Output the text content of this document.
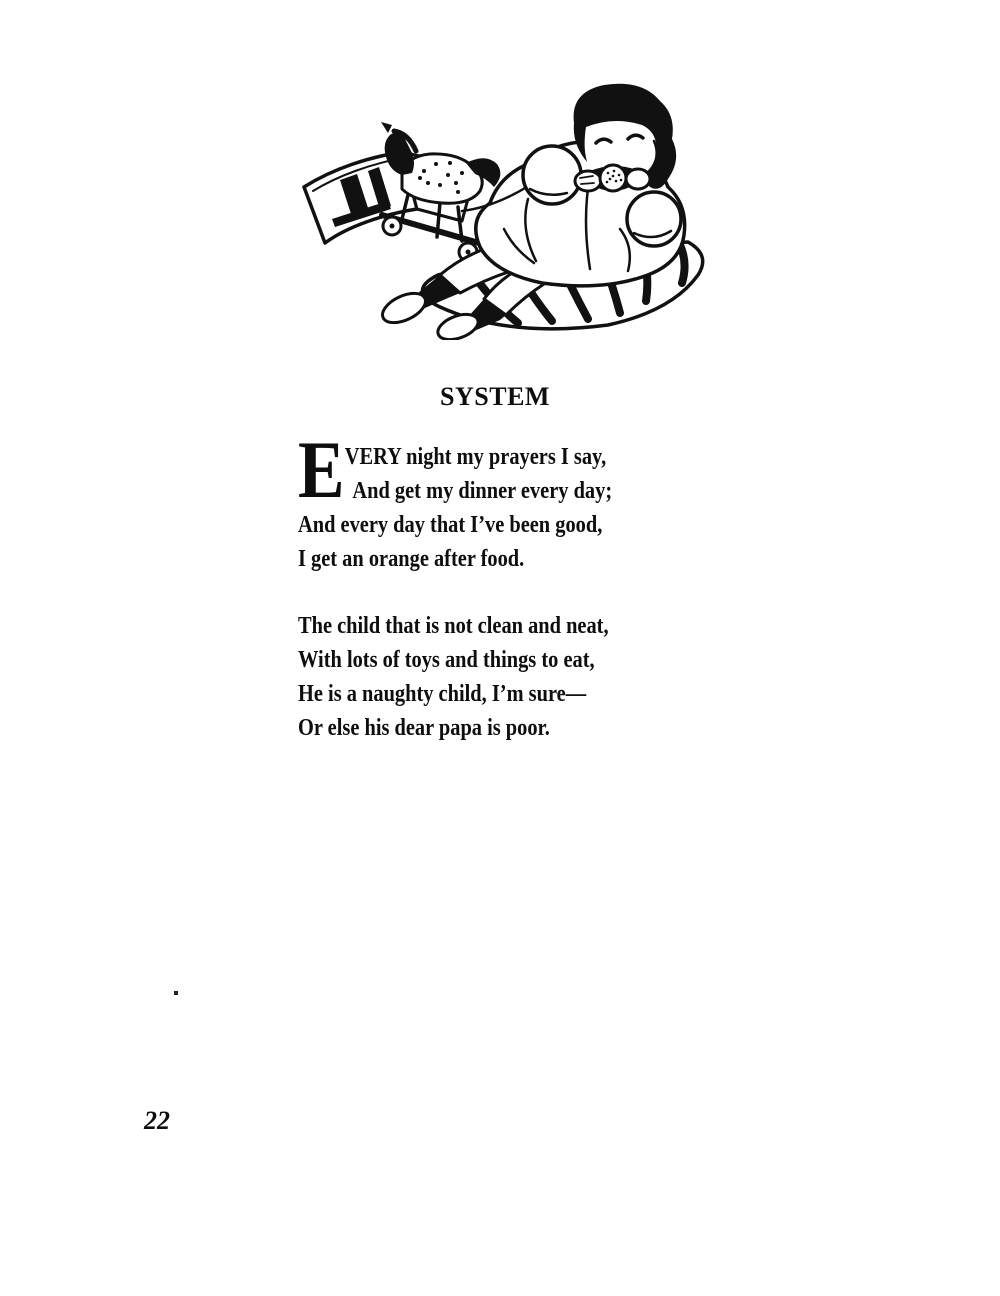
SYSTEM
E VERY night my prayers I say,
And get my dinner every day;
And every day that I’ve been good,
I get an orange after food.
The child that is not clean and neat,
With lots of toys and things to eat,
He is a naughty child, I’m sure—
Or else his dear papa is poor.
22
